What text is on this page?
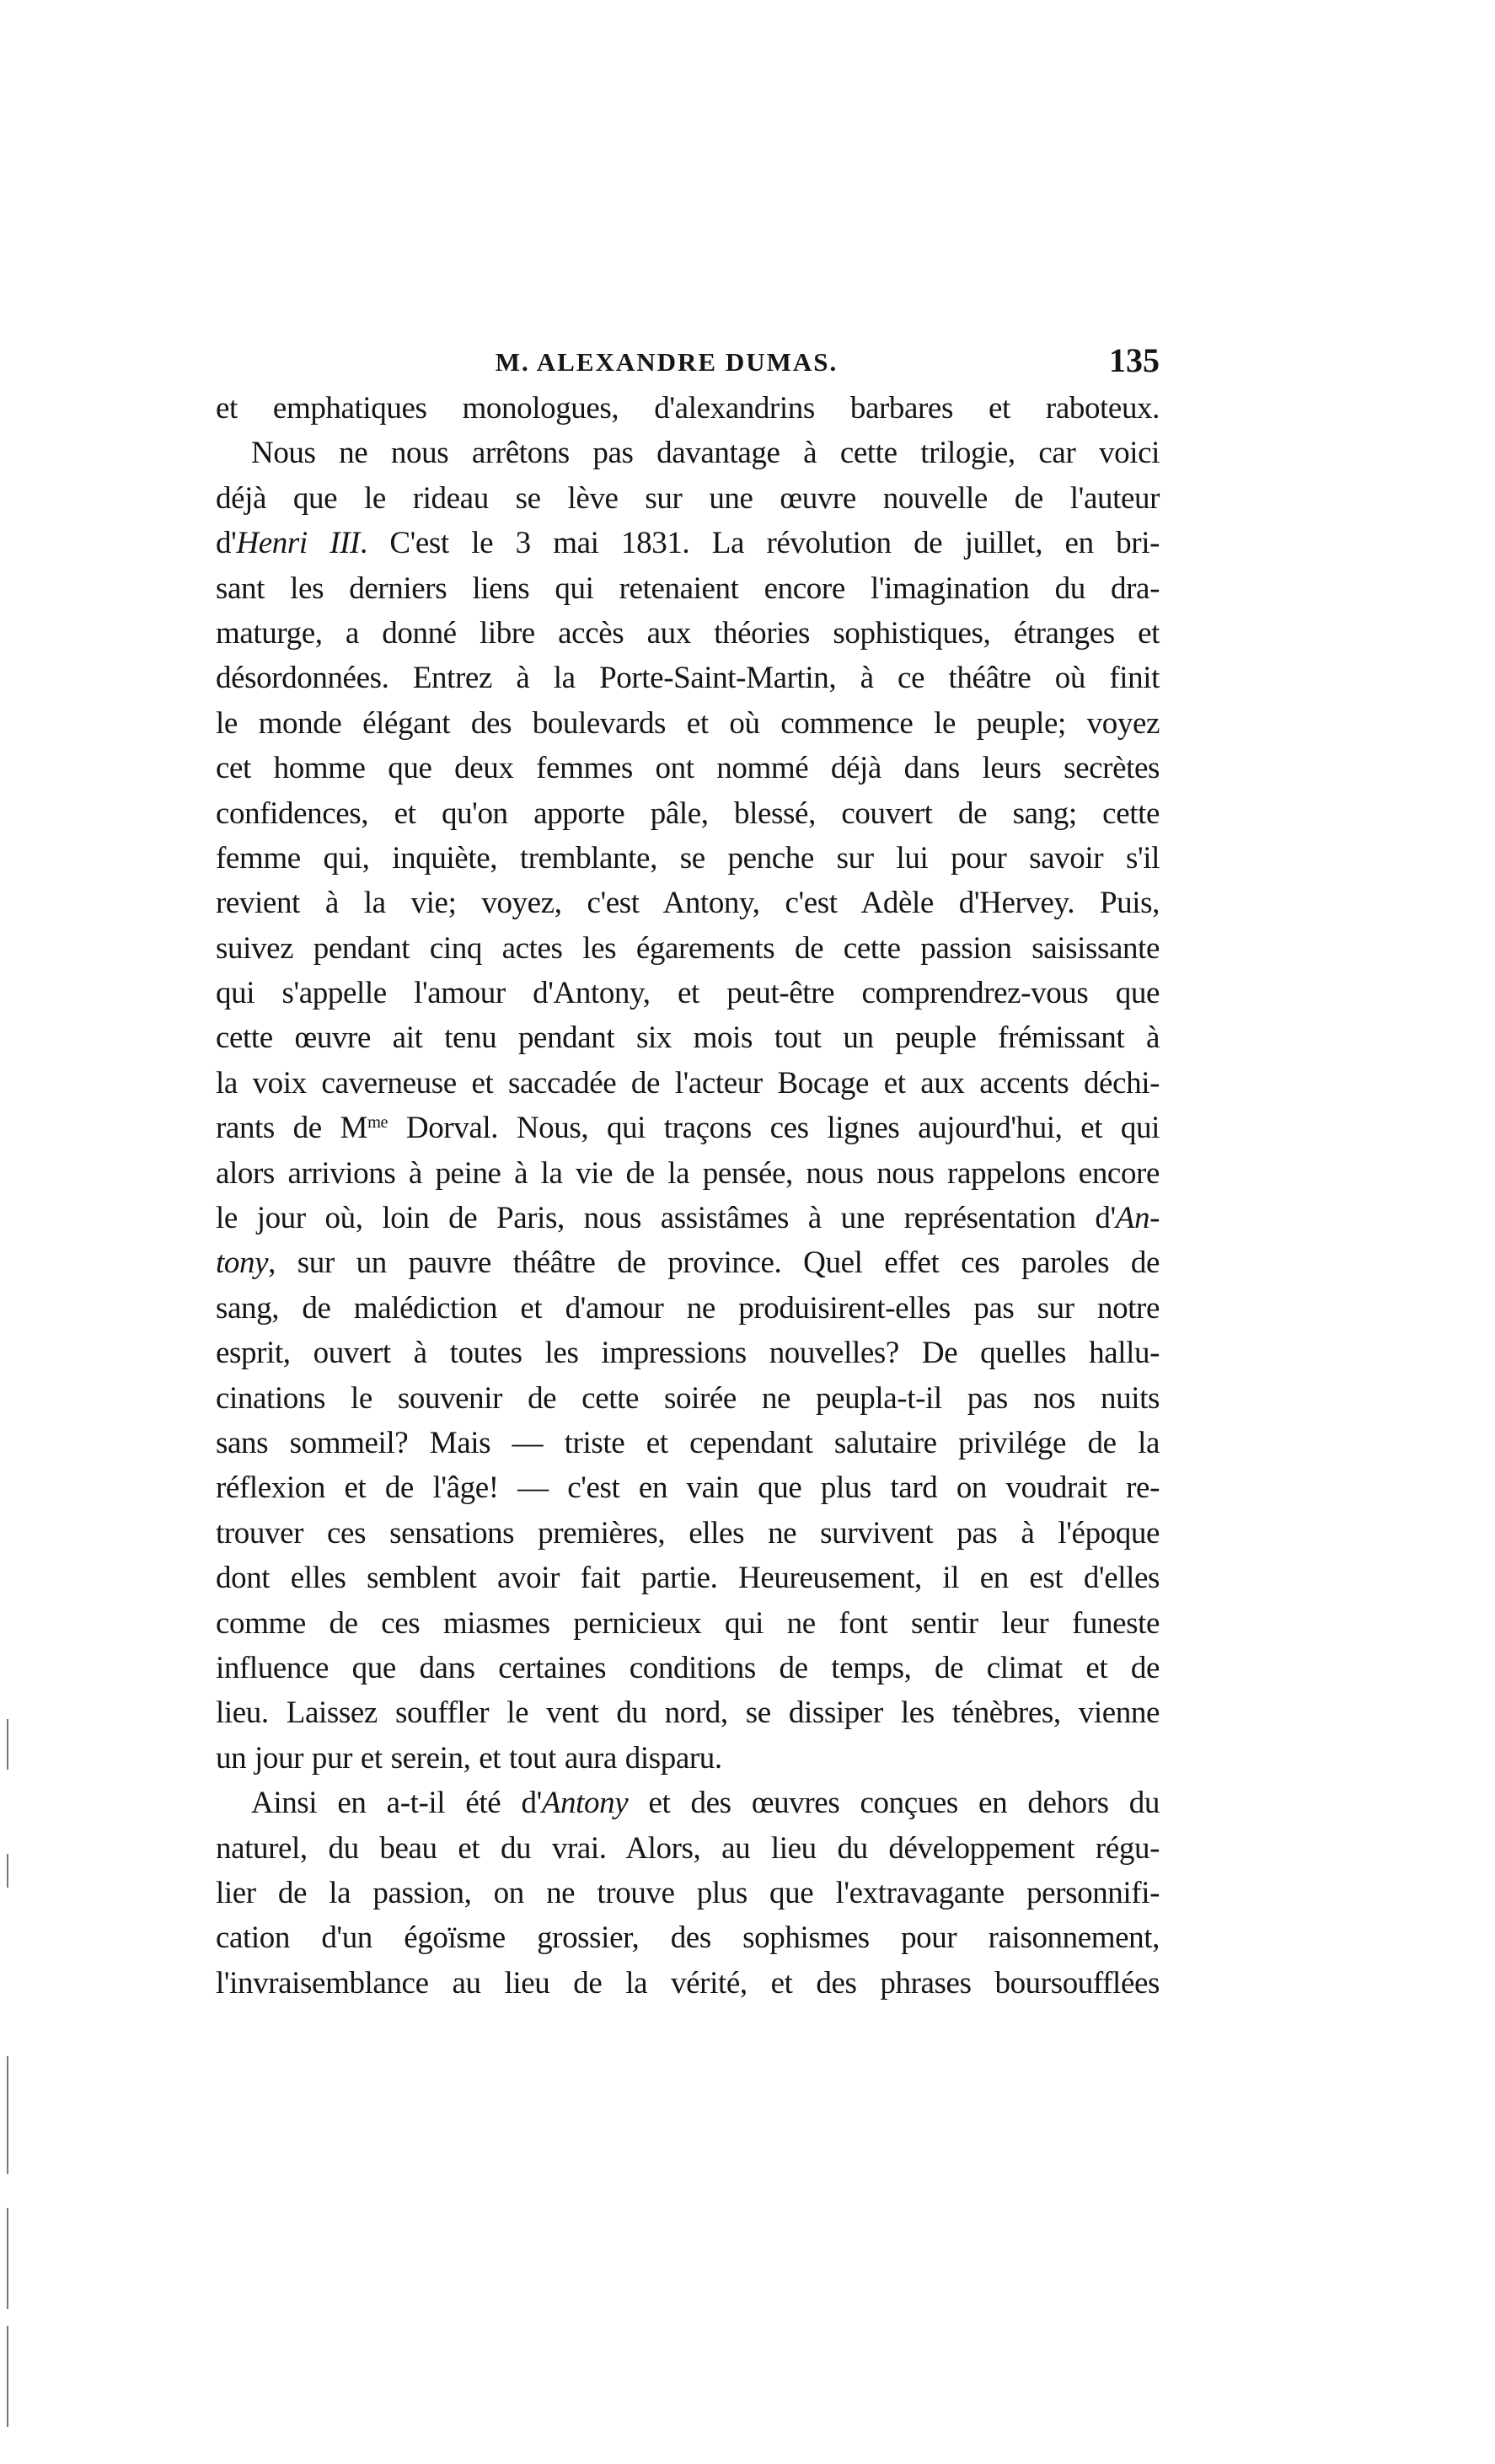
M. ALEXANDRE DUMAS.	135
et emphatiques monologues, d'alexandrins barbares et raboteux.
Nous ne nous arrêtons pas davantage à cette trilogie, car voici
déjà que le rideau se lève sur une œuvre nouvelle de l'auteur
d'Henri III. C'est le 3 mai 1831. La révolution de juillet, en bri-
sant les derniers liens qui retenaient encore l'imagination du dra-
maturge, a donné libre accès aux théories sophistiques, étranges et
désordonnées. Entrez à la Porte-Saint-Martin, à ce théâtre où finit
le monde élégant des boulevards et où commence le peuple; voyez
cet homme que deux femmes ont nommé déjà dans leurs secrètes
confidences, et qu'on apporte pâle, blessé, couvert de sang; cette
femme qui, inquiète, tremblante, se penche sur lui pour savoir s'il
revient à la vie; voyez, c'est Antony, c'est Adèle d'Hervey. Puis,
suivez pendant cinq actes les égarements de cette passion saisissante
qui s'appelle l'amour d'Antony, et peut-être comprendrez-vous que
cette œuvre ait tenu pendant six mois tout un peuple frémissant à
la voix caverneuse et saccadée de l'acteur Bocage et aux accents déchi-
rants de $M^{me}$ Dorval. Nous, qui traçons ces lignes aujourd'hui, et qui
alors arrivions à peine à la vie de la pensée, nous nous rappelons encore
le jour où, loin de Paris, nous assistâmes à une représentation d'An-
tony, sur un pauvre théâtre de province. Quel effet ces paroles de
sang, de malédiction et d'amour ne produisirent-elles pas sur notre
esprit, ouvert à toutes les impressions nouvelles? De quelles hallu-
cinations le souvenir de cette soirée ne peupla-t-il pas nos nuits
sans sommeil? Mais — triste et cependant salutaire privilége de la
réflexion et de l'âge! — c'est en vain que plus tard on voudrait re-
trouver ces sensations premières, elles ne survivent pas à l'époque
dont elles semblent avoir fait partie. Heureusement, il en est d'elles
comme de ces miasmes pernicieux qui ne font sentir leur funeste
influence que dans certaines conditions de temps, de climat et de
lieu. Laissez souffler le vent du nord, se dissiper les ténèbres, vienne
un jour pur et serein, et tout aura disparu.
Ainsi en a-t-il été d'Antony et des œuvres conçues en dehors du
naturel, du beau et du vrai. Alors, au lieu du développement régu-
lier de la passion, on ne trouve plus que l'extravagante personnifi-
cation d'un égoïsme grossier, des sophismes pour raisonnement,
l'invraisemblance au lieu de la vérité, et des phrases boursoufflées
